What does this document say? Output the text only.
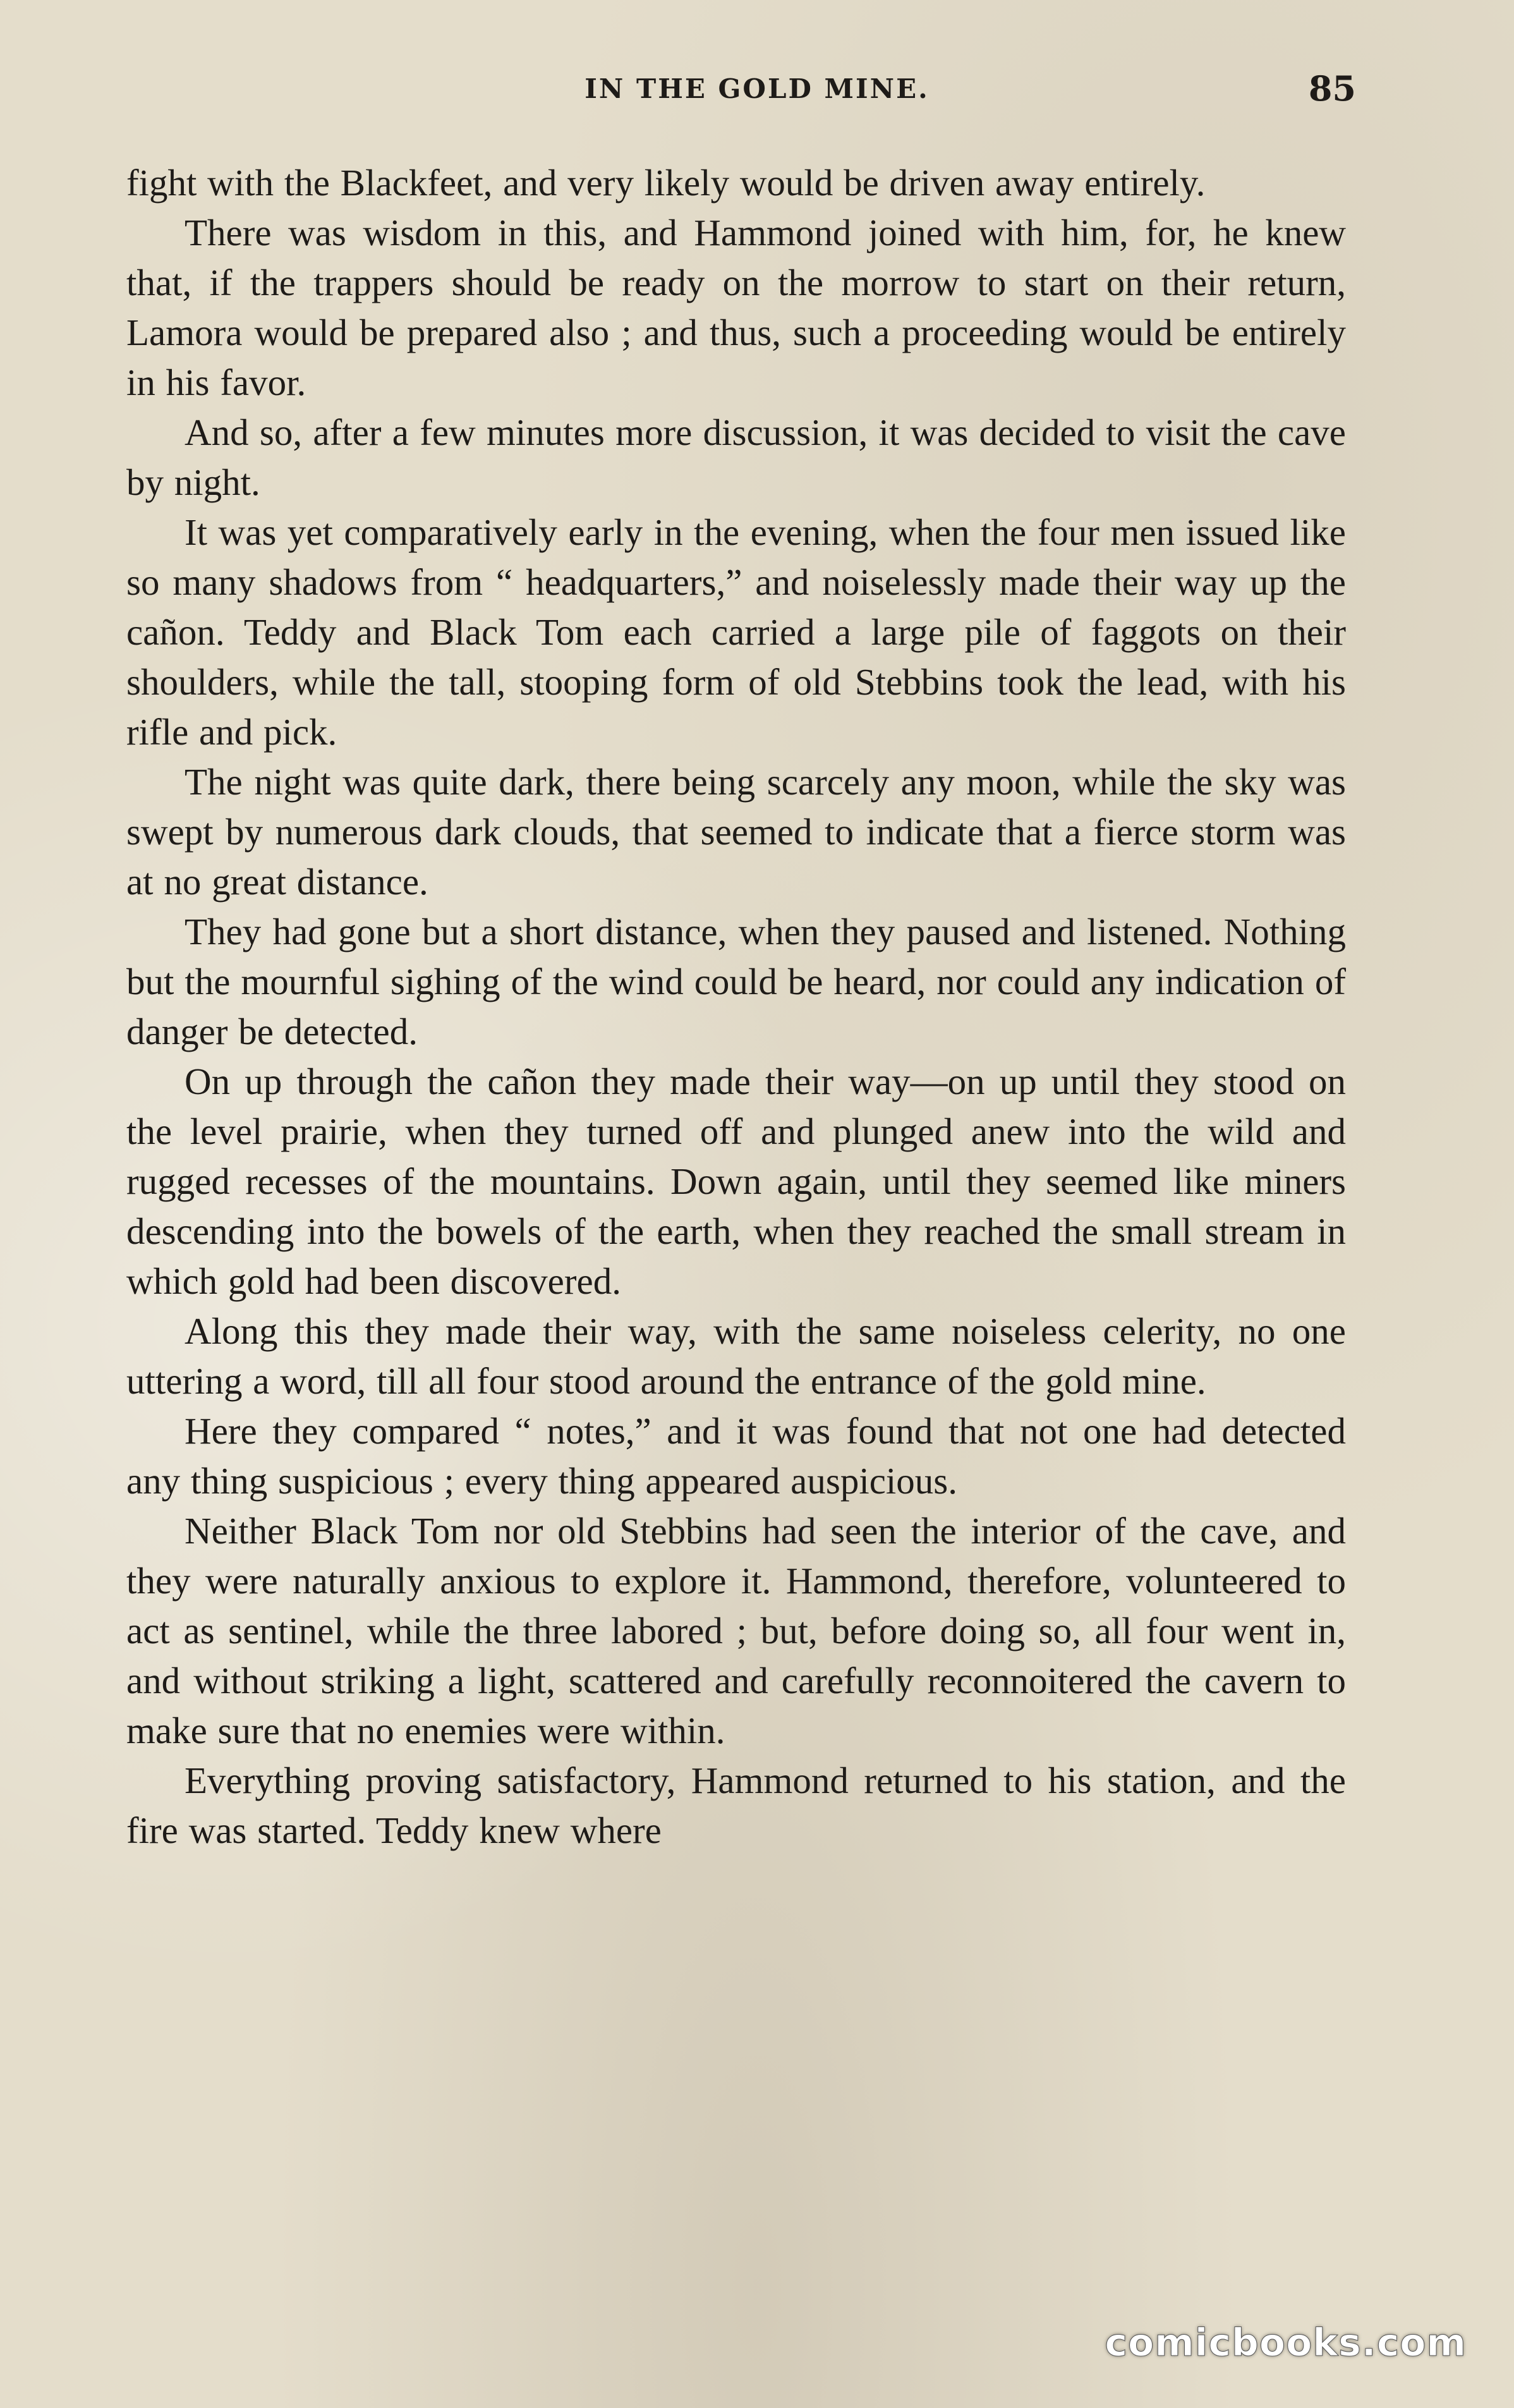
IN THE GOLD MINE.	85

fight with the Blackfeet, and very likely would be driven away entirely.

There was wisdom in this, and Hammond joined with him, for, he knew that, if the trappers should be ready on the morrow to start on their return, Lamora would be prepared also ; and thus, such a proceeding would be entirely in his favor.

And so, after a few minutes more discussion, it was decided to visit the cave by night.

It was yet comparatively early in the evening, when the four men issued like so many shadows from “ headquarters,” and noiselessly made their way up the cañon. Teddy and Black Tom each carried a large pile of faggots on their shoulders, while the tall, stooping form of old Stebbins took the lead, with his rifle and pick.

The night was quite dark, there being scarcely any moon, while the sky was swept by numerous dark clouds, that seemed to indicate that a fierce storm was at no great distance.

They had gone but a short distance, when they paused and listened. Nothing but the mournful sighing of the wind could be heard, nor could any indication of danger be detected.

On up through the cañon they made their way—on up until they stood on the level prairie, when they turned off and plunged anew into the wild and rugged recesses of the mountains. Down again, until they seemed like miners descending into the bowels of the earth, when they reached the small stream in which gold had been discovered.

Along this they made their way, with the same noiseless celerity, no one uttering a word, till all four stood around the entrance of the gold mine.

Here they compared “ notes,” and it was found that not one had detected any thing suspicious ; every thing appeared auspicious.

Neither Black Tom nor old Stebbins had seen the interior of the cave, and they were naturally anxious to explore it. Hammond, therefore, volunteered to act as sentinel, while the three labored ; but, before doing so, all four went in, and without striking a light, scattered and carefully reconnoitered the cavern to make sure that no enemies were within.

Everything proving satisfactory, Hammond returned to his station, and the fire was started. Teddy knew where

comicbooks.com
